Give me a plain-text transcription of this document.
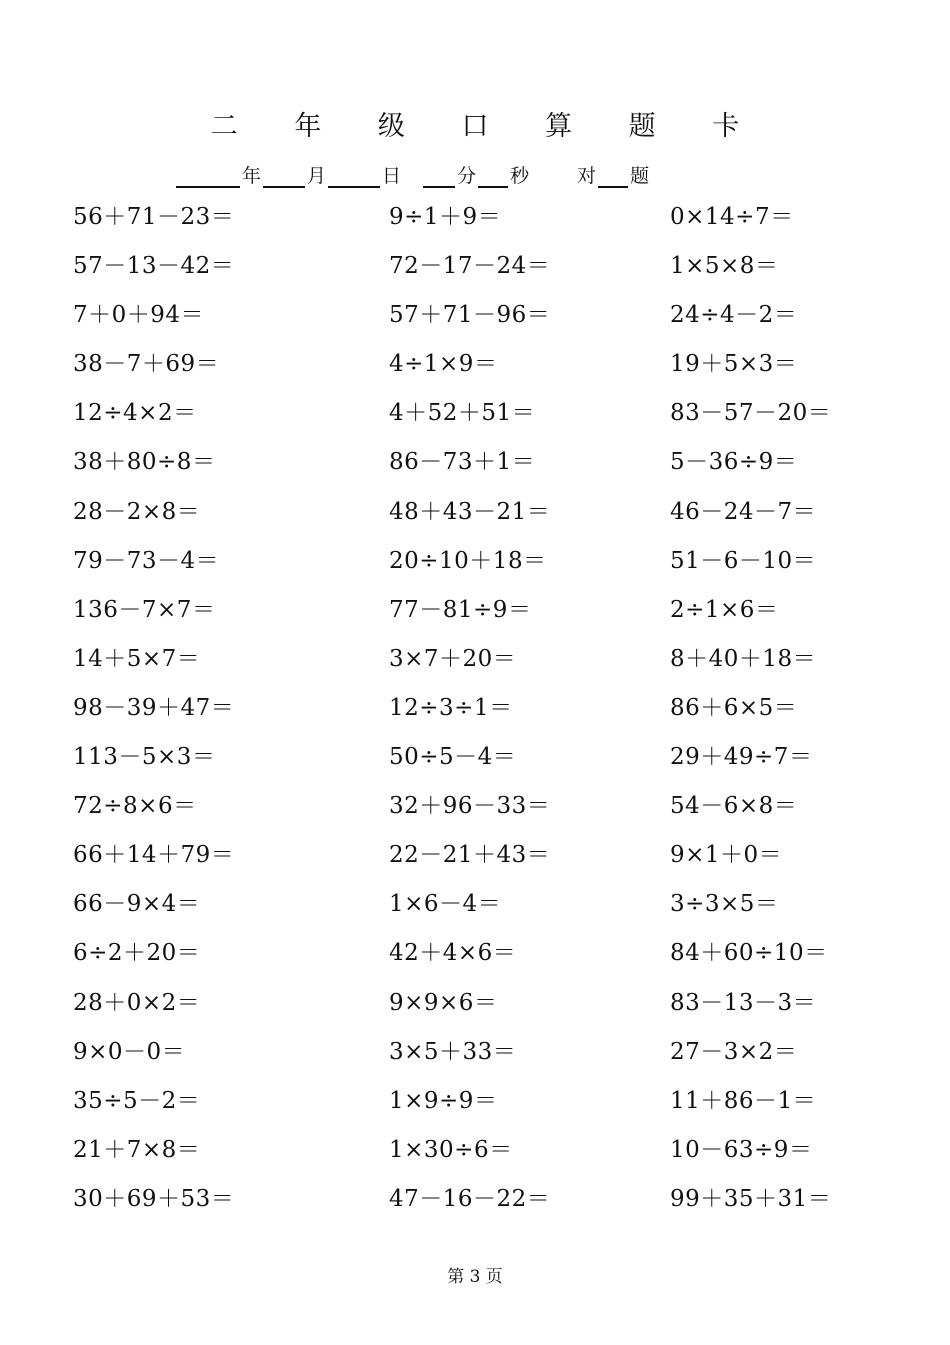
二 年 级 口 算 题 卡
年 月	日	分 秒	对 题
56＋71－23＝	9÷1＋9＝	0×14÷7＝
57－13－42＝	72－17－24＝	1×5×8＝
7＋0＋94＝	57＋71－96＝	24÷4－2＝
38－7＋69＝	4÷1×9＝	19＋5×3＝
12÷4×2＝	4＋52＋51＝	83－57－20＝
38＋80÷8＝	86－73＋1＝	5－36÷9＝
28－2×8＝	48＋43－21＝	46－24－7＝
79－73－4＝	20÷10＋18＝	51－6－10＝
136－7×7＝	77－81÷9＝	2÷1×6＝
14＋5×7＝	3×7＋20＝	8＋40＋18＝
98－39＋47＝	12÷3÷1＝	86＋6×5＝
113－5×3＝	50÷5－4＝	29＋49÷7＝
72÷8×6＝	32＋96－33＝	54－6×8＝
66＋14＋79＝	22－21＋43＝	9×1＋0＝
66－9×4＝	1×6－4＝	3÷3×5＝
6÷2＋20＝	42＋4×6＝	84＋60÷10＝
28＋0×2＝	9×9×6＝	83－13－3＝
9×0－0＝	3×5＋33＝	27－3×2＝
35÷5－2＝	1×9÷9＝	11＋86－1＝
21＋7×8＝	1×30÷6＝	10－63÷9＝
30＋69＋53＝	47－16－22＝	99＋35＋31＝
第 3 页
